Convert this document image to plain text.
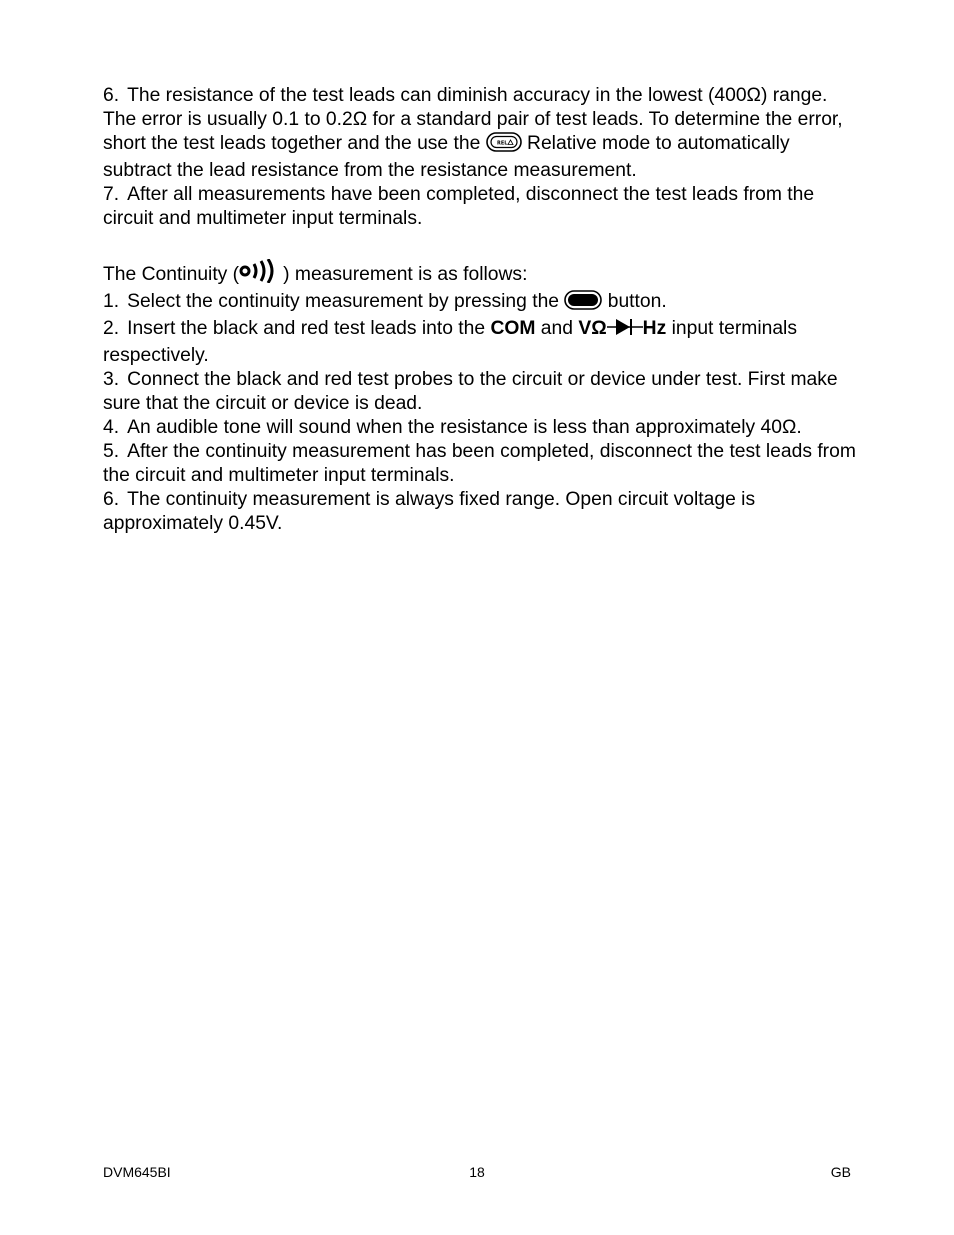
6. The resistance of the test leads can diminish accuracy in the lowest (400Ω) range. The error is usually 0.1 to 0.2Ω for a standard pair of test leads. To determine the error, short the test leads together and the use the	REL Relative mode to automatically subtract the lead resistance from the resistance measurement.

7. After all measurements have been completed, disconnect the test leads from the circuit and multimeter input terminals.

The Continuity ( ) measurement is as follows:

1. Select the continuity measurement by pressing the	button.

2. Insert the black and red test leads into the COM and VΩ Hz input terminals respectively.

3. Connect the black and red test probes to the circuit or device under test. First make sure that the circuit or device is dead.

4. An audible tone will sound when the resistance is less than approximately 40Ω.

5. After the continuity measurement has been completed, disconnect the test leads from the circuit and multimeter input terminals.

6. The continuity measurement is always fixed range. Open circuit voltage is approximately 0.45V.

DVM645BI	18	GB
